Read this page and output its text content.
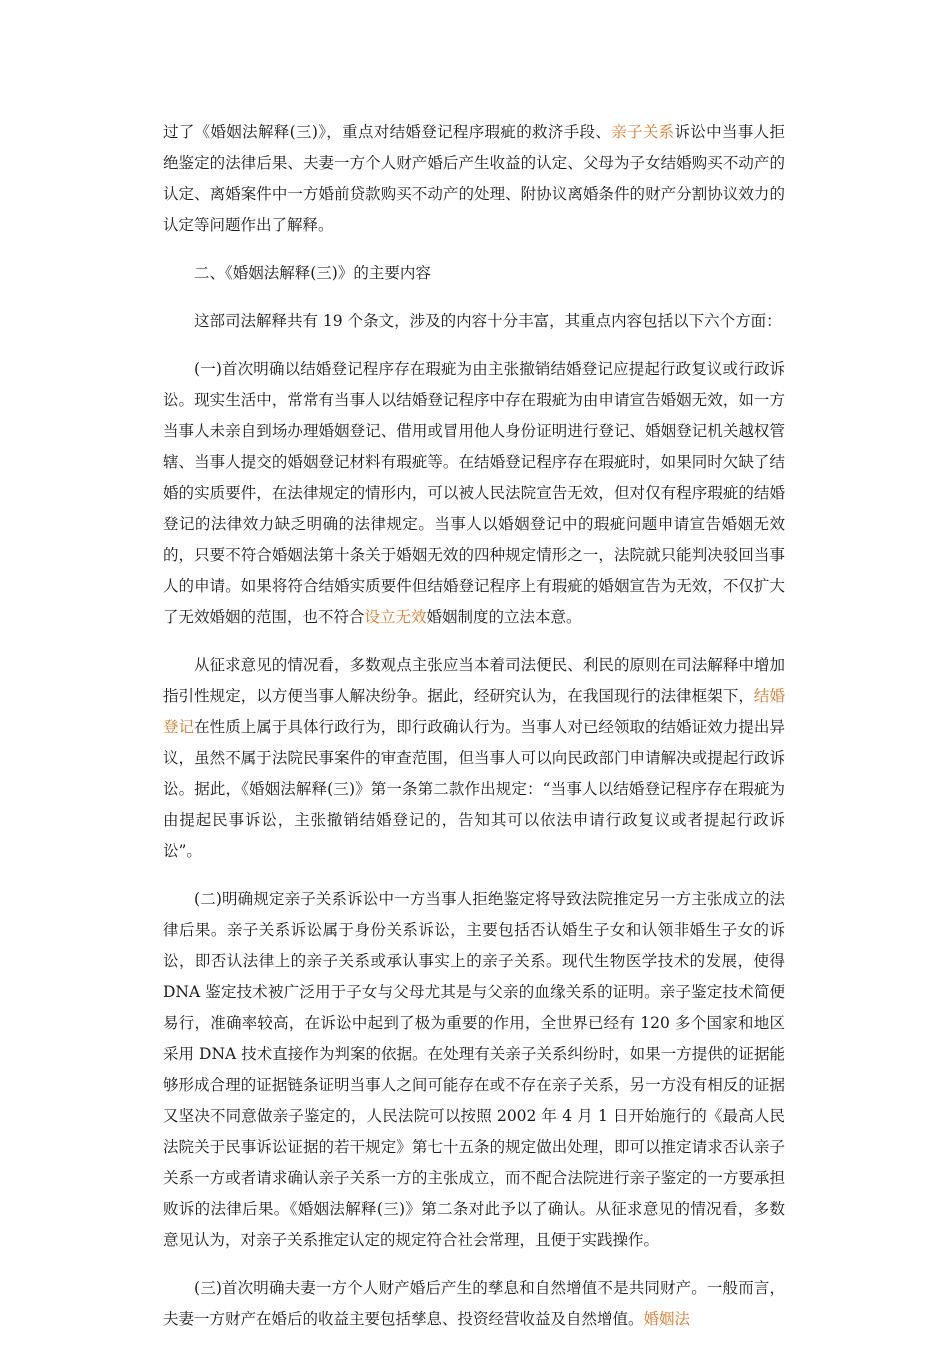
过了《婚姻法解释(三)》，重点对结婚登记程序瑕疵的救济手段、亲子关系诉讼中当事人拒绝鉴定的法律后果、夫妻一方个人财产婚后产生收益的认定、父母为子女结婚购买不动产的认定、离婚案件中一方婚前贷款购买不动产的处理、附协议离婚条件的财产分割协议效力的认定等问题作出了解释。

二、《婚姻法解释(三)》的主要内容

这部司法解释共有 19 个条文，涉及的内容十分丰富，其重点内容包括以下六个方面：

(一)首次明确以结婚登记程序存在瑕疵为由主张撤销结婚登记应提起行政复议或行政诉讼。现实生活中，常常有当事人以结婚登记程序中存在瑕疵为由申请宣告婚姻无效，如一方当事人未亲自到场办理婚姻登记、借用或冒用他人身份证明进行登记、婚姻登记机关越权管辖、当事人提交的婚姻登记材料有瑕疵等。在结婚登记程序存在瑕疵时，如果同时欠缺了结婚的实质要件，在法律规定的情形内，可以被人民法院宣告无效，但对仅有程序瑕疵的结婚登记的法律效力缺乏明确的法律规定。当事人以婚姻登记中的瑕疵问题申请宣告婚姻无效的，只要不符合婚姻法第十条关于婚姻无效的四种规定情形之一，法院就只能判决驳回当事人的申请。如果将符合结婚实质要件但结婚登记程序上有瑕疵的婚姻宣告为无效，不仅扩大了无效婚姻的范围，也不符合设立无效婚姻制度的立法本意。

从征求意见的情况看，多数观点主张应当本着司法便民、利民的原则在司法解释中增加指引性规定，以方便当事人解决纷争。据此，经研究认为，在我国现行的法律框架下，结婚登记在性质上属于具体行政行为，即行政确认行为。当事人对已经领取的结婚证效力提出异议，虽然不属于法院民事案件的审查范围，但当事人可以向民政部门申请解决或提起行政诉讼。据此，《婚姻法解释(三)》第一条第二款作出规定：“当事人以结婚登记程序存在瑕疵为由提起民事诉讼，主张撤销结婚登记的，告知其可以依法申请行政复议或者提起行政诉讼”。

(二)明确规定亲子关系诉讼中一方当事人拒绝鉴定将导致法院推定另一方主张成立的法律后果。亲子关系诉讼属于身份关系诉讼，主要包括否认婚生子女和认领非婚生子女的诉讼，即否认法律上的亲子关系或承认事实上的亲子关系。现代生物医学技术的发展，使得 DNA 鉴定技术被广泛用于子女与父母尤其是与父亲的血缘关系的证明。亲子鉴定技术简便易行，准确率较高，在诉讼中起到了极为重要的作用，全世界已经有 120 多个国家和地区采用 DNA 技术直接作为判案的依据。在处理有关亲子关系纠纷时，如果一方提供的证据能够形成合理的证据链条证明当事人之间可能存在或不存在亲子关系，另一方没有相反的证据又坚决不同意做亲子鉴定的，人民法院可以按照 2002 年 4 月 1 日开始施行的《最高人民法院关于民事诉讼证据的若干规定》第七十五条的规定做出处理，即可以推定请求否认亲子关系一方或者请求确认亲子关系一方的主张成立，而不配合法院进行亲子鉴定的一方要承担败诉的法律后果。《婚姻法解释(三)》第二条对此予以了确认。从征求意见的情况看，多数意见认为，对亲子关系推定认定的规定符合社会常理，且便于实践操作。

(三)首次明确夫妻一方个人财产婚后产生的孳息和自然增值不是共同财产。一般而言，夫妻一方财产在婚后的收益主要包括孳息、投资经营收益及自然增值。婚姻法
